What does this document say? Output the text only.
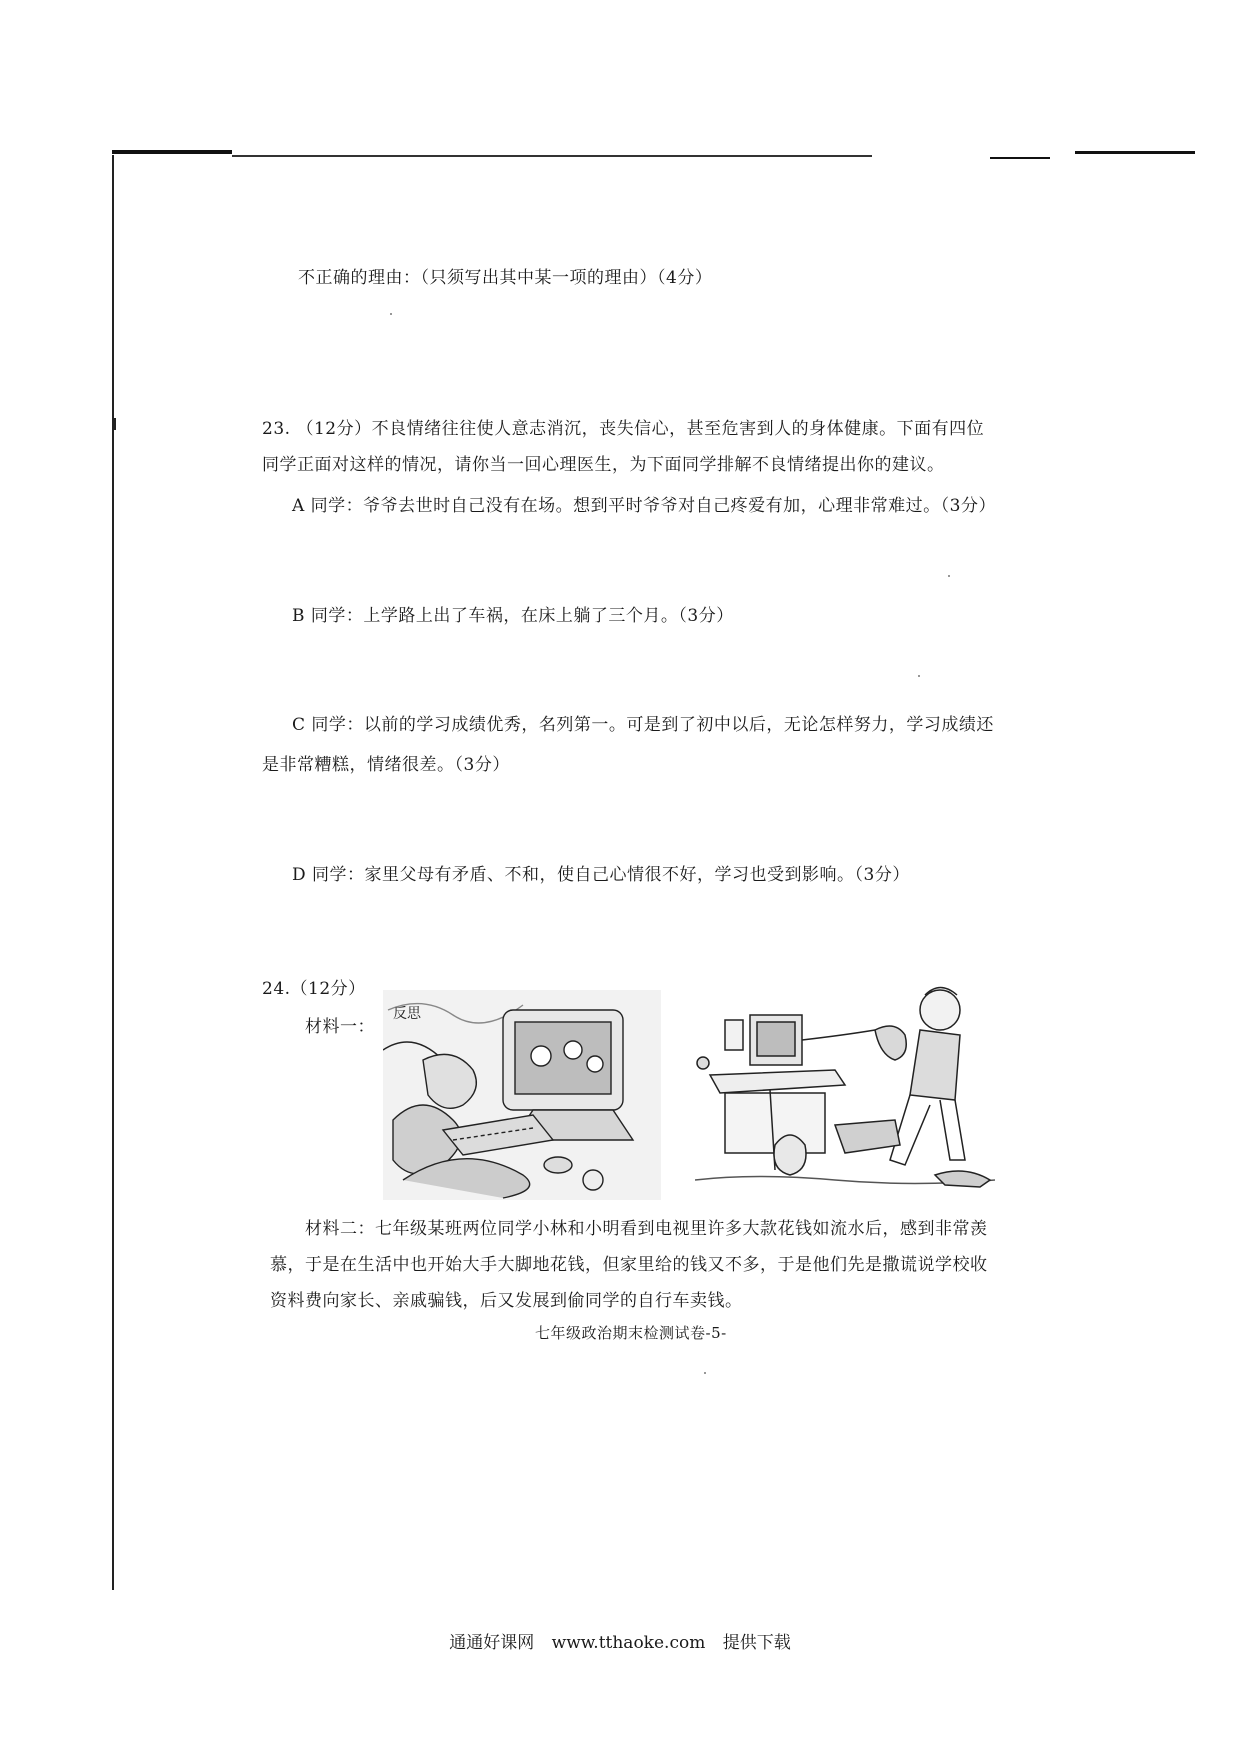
不正确的理由：（只须写出其中某一项的理由）（4分）
23. （12分）不良情绪往往使人意志消沉，丧失信心，甚至危害到人的身体健康。下面有四位
同学正面对这样的情况，请你当一回心理医生，为下面同学排解不良情绪提出你的建议。
A 同学：爷爷去世时自己没有在场。想到平时爷爷对自己疼爱有加，心理非常难过。（3分）
B 同学：上学路上出了车祸，在床上躺了三个月。（3分）
C 同学：以前的学习成绩优秀，名列第一。可是到了初中以后，无论怎样努力，学习成绩还
是非常糟糕，情绪很差。（3分）
D 同学：家里父母有矛盾、不和，使自己心情很不好，学习也受到影响。（3分）
24.（12分）
材料一：
反思
材料二：七年级某班两位同学小林和小明看到电视里许多大款花钱如流水后，感到非常羡
慕，于是在生活中也开始大手大脚地花钱，但家里给的钱又不多，于是他们先是撒谎说学校收
资料费向家长、亲戚骗钱，后又发展到偷同学的自行车卖钱。
七年级政治期末检测试卷-5-
通通好课网 www.tthaoke.com 提供下载
